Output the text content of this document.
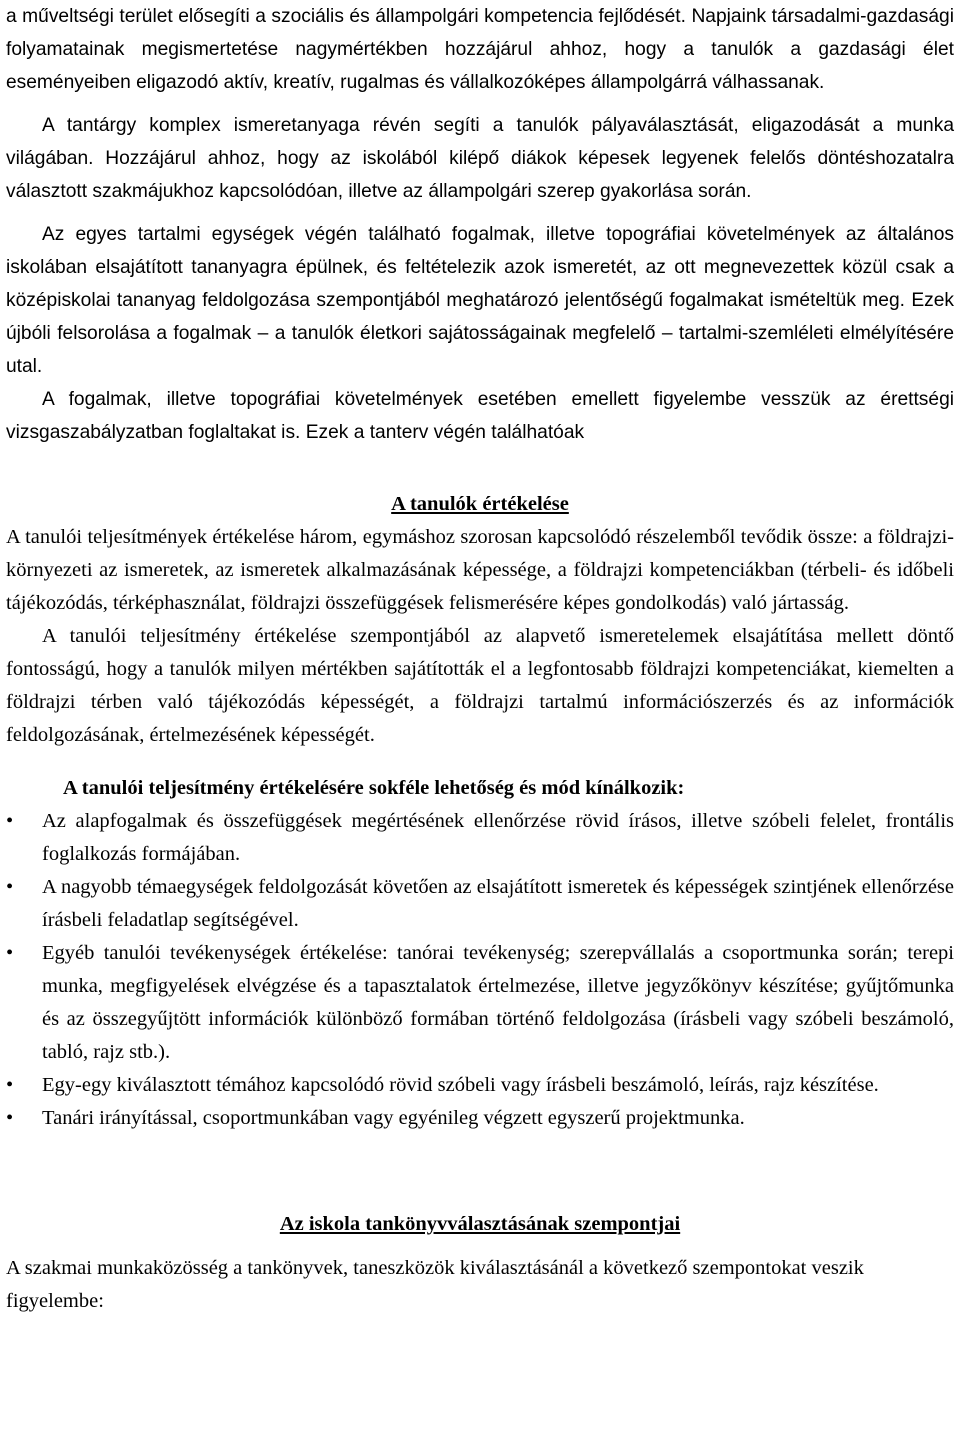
a műveltségi terület elősegíti a szociális és állampolgári kompetencia fejlődését. Napjaink társadalmi-gazdasági folyamatainak megismertetése nagymértékben hozzájárul ahhoz, hogy a tanulók a gazdasági élet eseményeiben eligazodó aktív, kreatív, rugalmas és vállalkozóképes állampolgárrá válhassanak.

A tantárgy komplex ismeretanyaga révén segíti a tanulók pályaválasztását, eligazodását a munka világában. Hozzájárul ahhoz, hogy az iskolából kilépő diákok képesek legyenek felelős döntéshozatalra választott szakmájukhoz kapcsolódóan, illetve az állampolgári szerep gyakorlása során.

Az egyes tartalmi egységek végén található fogalmak, illetve topográfiai követelmények az általános iskolában elsajátított tananyagra épülnek, és feltételezik azok ismeretét, az ott megnevezettek közül csak a középiskolai tananyag feldolgozása szempontjából meghatározó jelentőségű fogalmakat ismételtük meg. Ezek újbóli felsorolása a fogalmak – a tanulók életkori sajátosságainak megfelelő – tartalmi-szemléleti elmélyítésére utal.

A fogalmak, illetve topográfiai követelmények esetében emellett figyelembe vesszük az érettségi vizsgaszabályzatban foglaltakat is. Ezek a tanterv végén találhatóak

A tanulók értékelése

A tanulói teljesítmények értékelése három, egymáshoz szorosan kapcsolódó részelemből tevődik össze: a földrajzi-környezeti az ismeretek, az ismeretek alkalmazásának képessége, a földrajzi kompetenciákban (térbeli- és időbeli tájékozódás, térképhasználat, földrajzi összefüggések felismerésére képes gondolkodás) való jártasság.

A tanulói teljesítmény értékelése szempontjából az alapvető ismeretelemek elsajátítása mellett döntő fontosságú, hogy a tanulók milyen mértékben sajátították el a legfontosabb földrajzi kompetenciákat, kiemelten a földrajzi térben való tájékozódás képességét, a földrajzi tartalmú információszerzés és az információk feldolgozásának, értelmezésének képességét.

A tanulói teljesítmény értékelésére sokféle lehetőség és mód kínálkozik:

•	Az alapfogalmak és összefüggések megértésének ellenőrzése rövid írásos, illetve szóbeli felelet, frontális foglalkozás formájában.
•	A nagyobb témaegységek feldolgozását követően az elsajátított ismeretek és képességek szintjének ellenőrzése írásbeli feladatlap segítségével.
•	Egyéb tanulói tevékenységek értékelése: tanórai tevékenység; szerepvállalás a csoportmunka során; terepi munka, megfigyelések elvégzése és a tapasztalatok értelmezése, illetve jegyzőkönyv készítése; gyűjtőmunka és az összegyűjtött információk különböző formában történő feldolgozása (írásbeli vagy szóbeli beszámoló, tabló, rajz stb.).
•	Egy-egy kiválasztott témához kapcsolódó rövid szóbeli vagy írásbeli beszámoló, leírás, rajz készítése.
•	Tanári irányítással, csoportmunkában vagy egyénileg végzett egyszerű projektmunka.

Az iskola tankönyvválasztásának szempontjai

A szakmai munkaközösség a tankönyvek, taneszközök kiválasztásánál a következő szempontokat veszik figyelembe:
